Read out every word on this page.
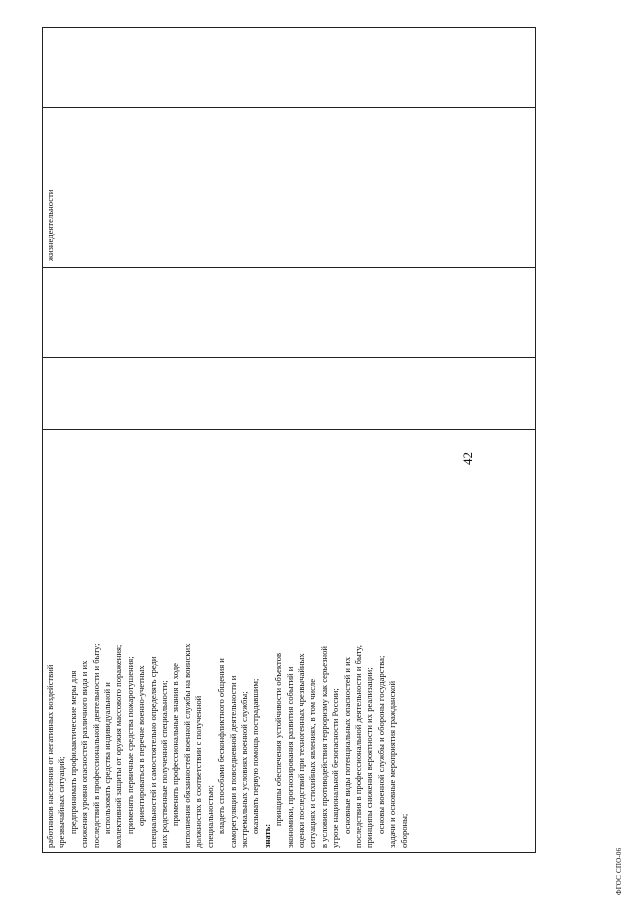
42
работников населения от негативных воздействий чрезвычайных ситуаций; предпринимать профилактические меры для снижения уровня опасностей различного вида и их последствий в профессиональной деятельности и быту; использовать средства индивидуальной и коллективной защиты от оружия массового поражения; применять первичные средства пожаротушения; ориентироваться в перечне военно-учетных специальностей и самостоятельно определять среди них родственные полученной специальности; применять профессиональные знания в ходе исполнения обязанностей военной службы на воинских должностях в соответствии с полученной специальностью; владеть способами бесконфликтного общения и саморегуляции в повседневной деятельности и экстремальных условиях военной службы; оказывать первую помощь пострадавшим;
знать:
принципы обеспечения устойчивости объектов экономики, прогнозирования развития событий и оценки последствий при техногенных чрезвычайных ситуациях и стихийных явлениях, в том числе в условиях противодействия терроризму как серьезной угрозе национальной безопасности России; основные виды потенциальных опасностей и их последствия в профессиональной деятельности и быту, принципы снижения вероятности их реализации; основы военной службы и обороны государства; задачи и основные мероприятия гражданской обороны;
			жизнедеятельности	
ФГОС СПО-06
